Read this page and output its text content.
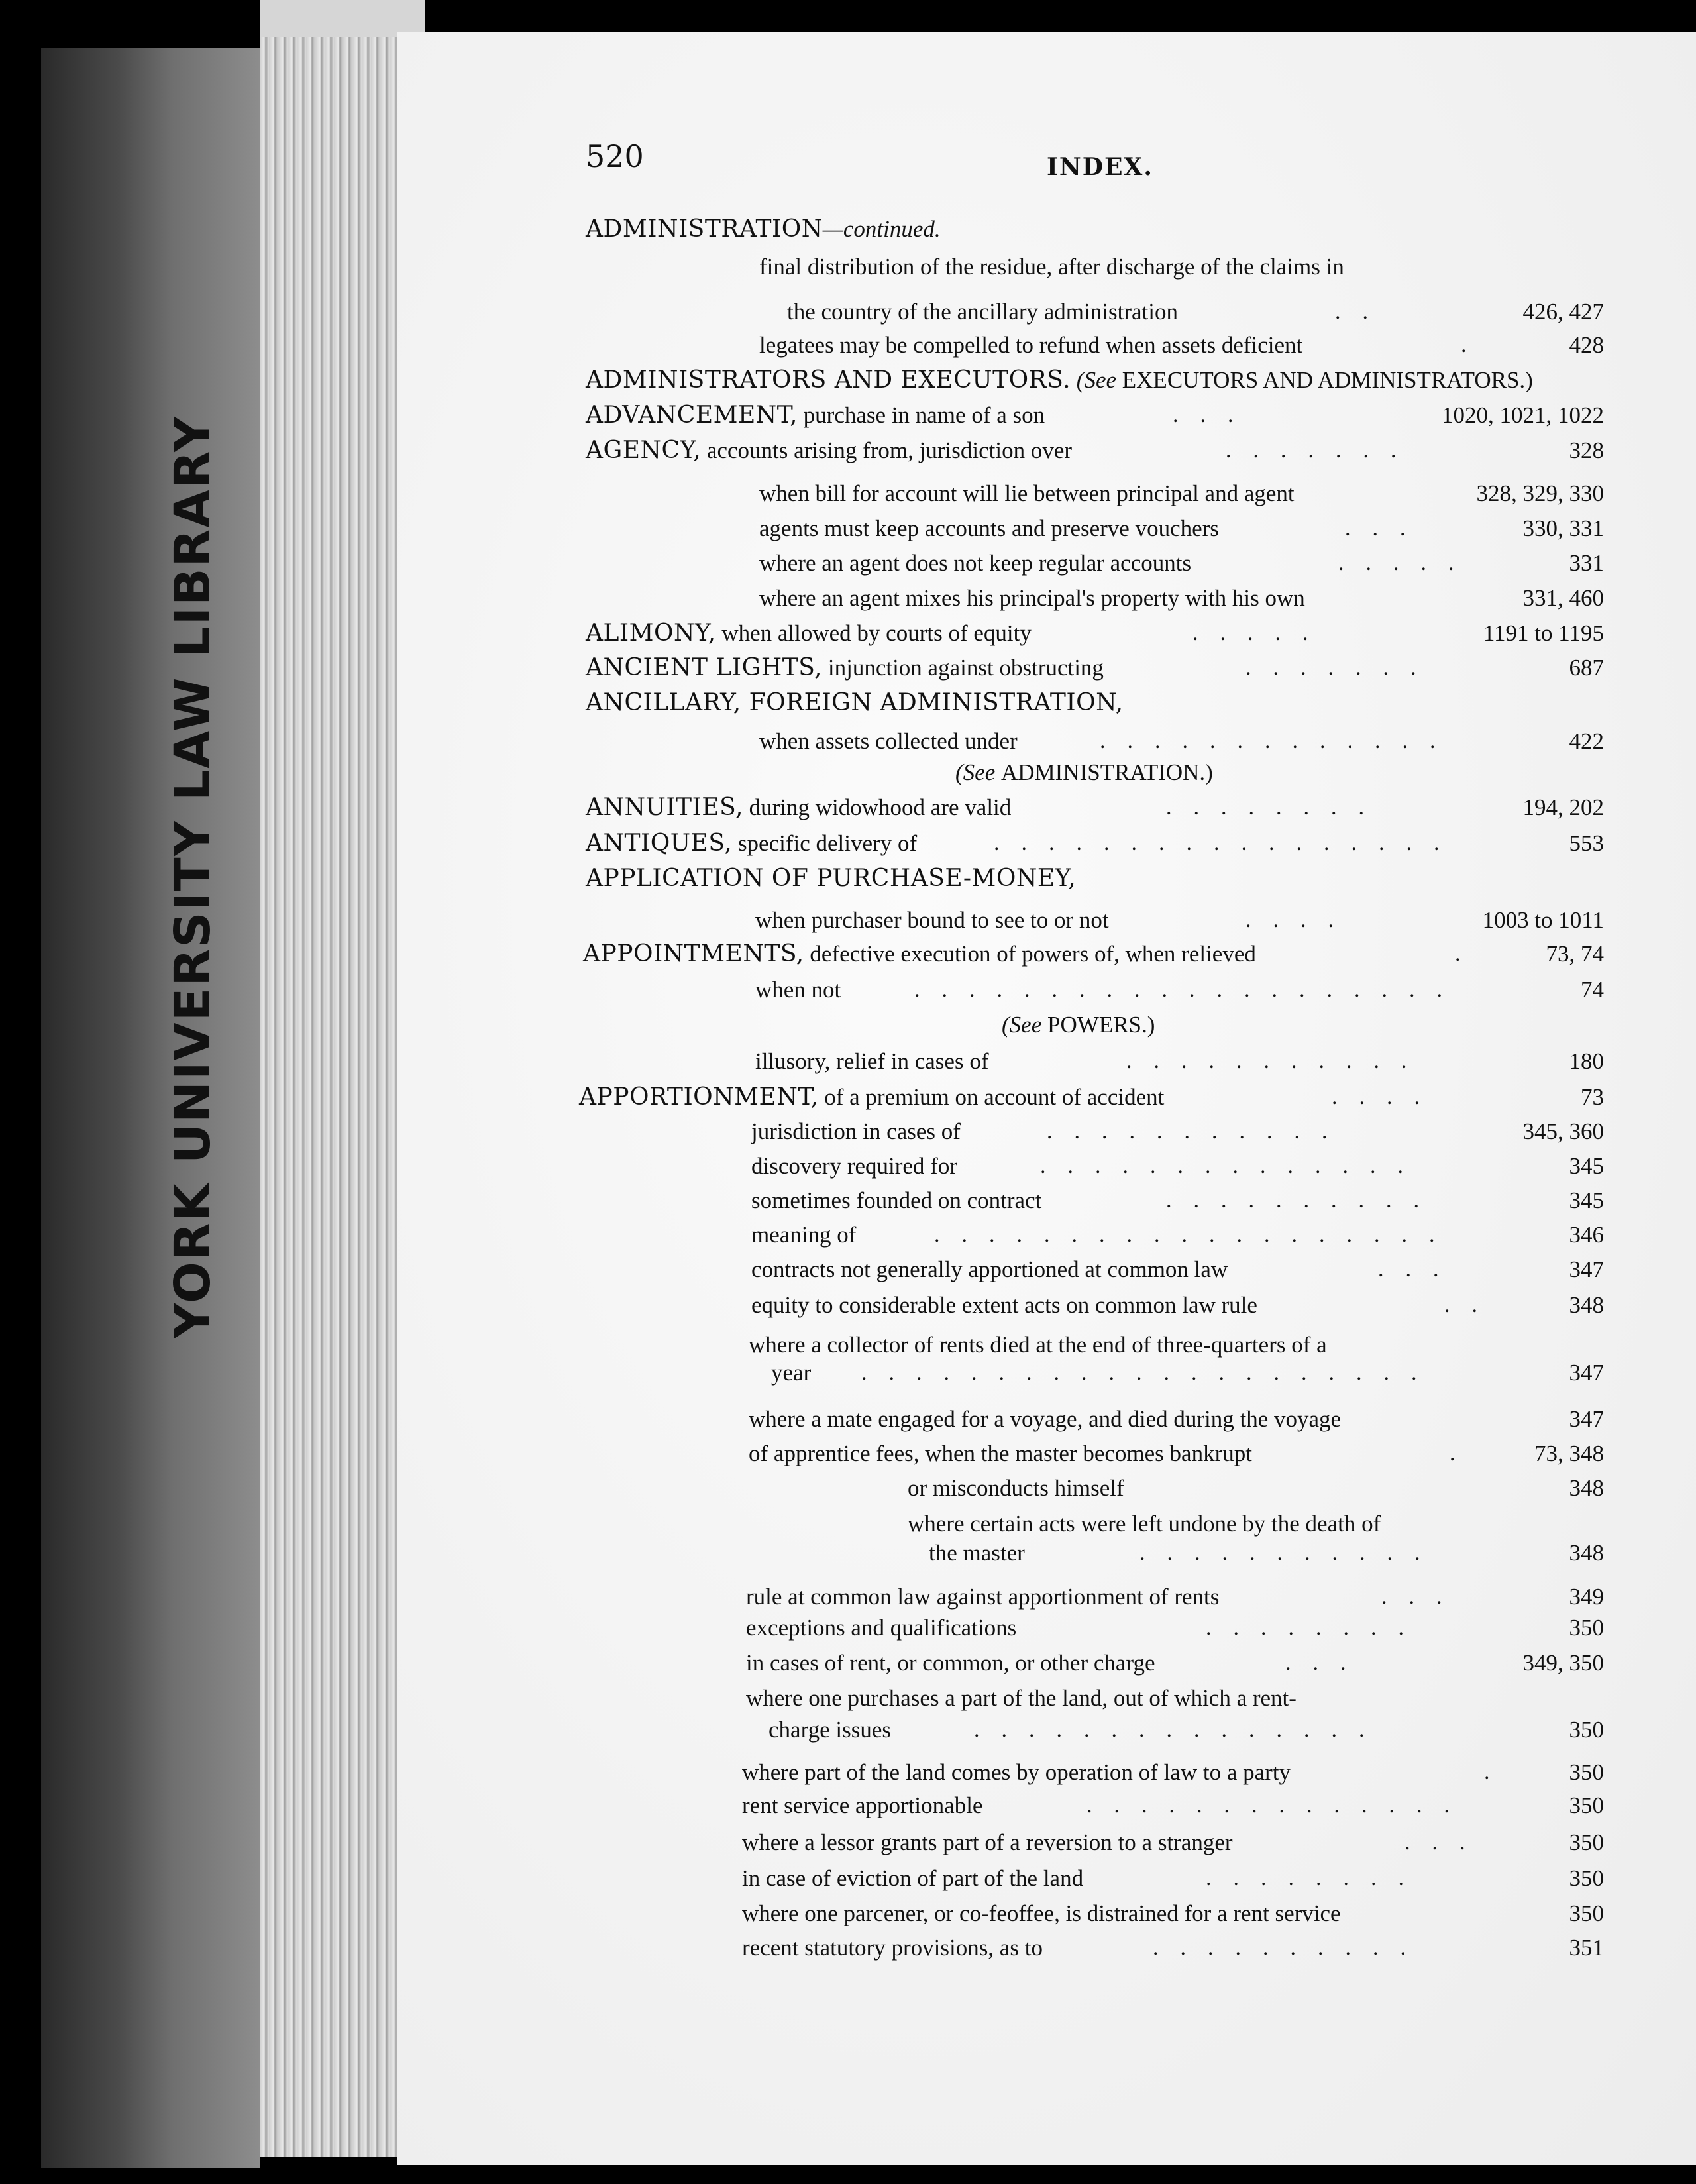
YORK UNIVERSITY LAW LIBRARY
520	INDEX.
ADMINISTRATION—continued.
final distribution of the residue, after discharge of the claims in
the country of the ancillary administration	..	426, 427
legatees may be compelled to refund when assets deficient	.	428
ADMINISTRATORS AND EXECUTORS. (See EXECUTORS AND ADMINISTRATORS.)
ADVANCEMENT, purchase in name of a son	...	1020, 1021, 1022
AGENCY, accounts arising from, jurisdiction over	.......	328
when bill for account will lie between principal and agent	328, 329, 330
agents must keep accounts and preserve vouchers	...	330, 331
where an agent does not keep regular accounts	.....	331
where an agent mixes his principal's property with his own	331, 460
ALIMONY, when allowed by courts of equity	.....	1191 to 1195
ANCIENT LIGHTS, injunction against obstructing	.......	687
ANCILLARY, FOREIGN ADMINISTRATION,
when assets collected under	.............	422
(See ADMINISTRATION.)
ANNUITIES, during widowhood are valid	........	194, 202
ANTIQUES, specific delivery of	.................	553
APPLICATION OF PURCHASE-MONEY,
when purchaser bound to see to or not	....	1003 to 1011
APPOINTMENTS, defective execution of powers of, when relieved	.	73, 74
when not	....................	74
(See POWERS.)
illusory, relief in cases of	...........	180
APPORTIONMENT, of a premium on account of accident	....	73
jurisdiction in cases of	...........	345, 360
discovery required for	..............	345
sometimes founded on contract	..........	345
meaning of	...................	346
contracts not generally apportioned at common law	...	347
equity to considerable extent acts on common law rule	..	348
where a collector of rents died at the end of three-quarters of a
year .....................	347
where a mate engaged for a voyage, and died during the voyage	347
of apprentice fees, when the master becomes bankrupt	. 73, 348
or misconducts himself	348
where certain acts were left undone by the death of
the master	...........	348
rule at common law against apportionment of rents	...	349
exceptions and qualifications	........	350
in cases of rent, or common, or other charge	...	349, 350
where one purchases a part of the land, out of which a rent-
charge issues	...............	350
where part of the land comes by operation of law to a party	. 350
rent service apportionable	..............	350
where a lessor grants part of a reversion to a stranger	...	350
in case of eviction of part of the land	........	350
where one parcener, or co-feoffee, is distrained for a rent service	350
recent statutory provisions, as to	..........	351
